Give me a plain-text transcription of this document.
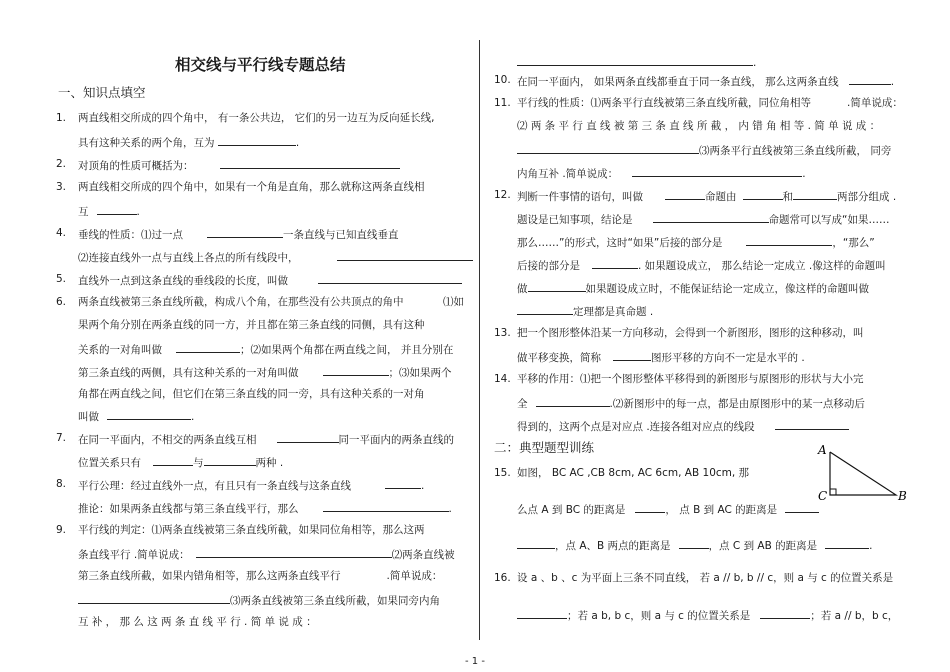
相交线与平行线专题总结
一、知识点填空
1. 两直线相交所成的四个角中， 有一条公共边， 它们的另一边互为反向延长线,
具有这种关系的两个角，互为	.
2. 对顶角的性质可概括为：
3. 两直线相交所成的四个角中，如果有一个角是直角，那么就称这两条直线相
互	.
4. 垂线的性质：⑴过一点	一条直线与已知直线垂直
⑵连接直线外一点与直线上各点的所有线段中，
5. 直线外一点到这条直线的垂线段的长度，叫做
6. 两条直线被第三条直线所截，构成八个角，在那些没有公共顶点的角中	⑴如
果两个角分别在两条直线的同一方，并且都在第三条直线的同侧，具有这种
关系的一对角叫做	；⑵如果两个角都在两直线之间， 并且分别在
第三条直线的两侧，具有这种关系的一对角叫做	；⑶如果两个
角都在两直线之间，但它们在第三条直线的同一旁，具有这种关系的一对角
叫做	.
7. 在同一平面内，不相交的两条直线互相	同一平面内的两条直线的
位置关系只有	与	两种 .
8. 平行公理：经过直线外一点，有且只有一条直线与这条直线	.
推论：如果两条直线都与第三条直线平行，那么	.
9. 平行线的判定：⑴两条直线被第三条直线所截，如果同位角相等，那么这两
条直线平行 .简单说成：	⑵两条直线被
第三条直线所截，如果内错角相等，那么这两条直线平行	.简单说成：
⑶两条直线被第三条直线所截，如果同旁内角
互 补 ， 那 么 这 两 条 直 线 平 行 . 简 单 说 成 ：
.
10. 在同一平面内， 如果两条直线都垂直于同一条直线， 那么这两条直线	.
11. 平行线的性质：⑴两条平行直线被第三条直线所截，同位角相等	.简单说成：
⑵ 两 条 平 行 直 线 被 第 三 条 直 线 所 截 ， 内 错 角 相 等 . 简 单 说 成 ：
⑶两条平行直线被第三条直线所截， 同旁
内角互补 .简单说成：	.
12. 判断一件事情的语句，叫做	命题由	和	两部分组成 .
题设是已知事项，结论是	命题常可以写成“如果……
那么……”的形式，这时“如果”后接的部分是	，“那么”
后接的部分是	. 如果题设成立， 那么结论一定成立 .像这样的命题叫
做	如果题设成立时，不能保证结论一定成立，像这样的命题叫做
定理都是真命题 .
13. 把一个图形整体沿某一方向移动，会得到一个新图形，图形的这种移动，叫
做平移变换，简称	图形平移的方向不一定是水平的 .
14. 平移的作用：⑴把一个图形整体平移得到的新图形与原图形的形状与大小完
全	.⑵新图形中的每一点，都是由原图形中的某一点移动后
得到的，这两个点是对应点 .连接各组对应点的线段
二：典型题型训练
15. 如图， BC AC ,CB 8cm, AC 6cm, AB 10cm, 那
么点 A 到 BC 的距离是	， 点 B 到 AC 的距离是
，点 A、B 两点的距离是	，点 C 到 AB 的距离是	.
A
C	B
16. 设 a 、b 、c 为平面上三条不同直线， 若 a // b, b // c，则 a 与 c 的位置关系是
；若 a b, b c，则 a 与 c 的位置关系是	；若 a // b，b c，
- 1 -
